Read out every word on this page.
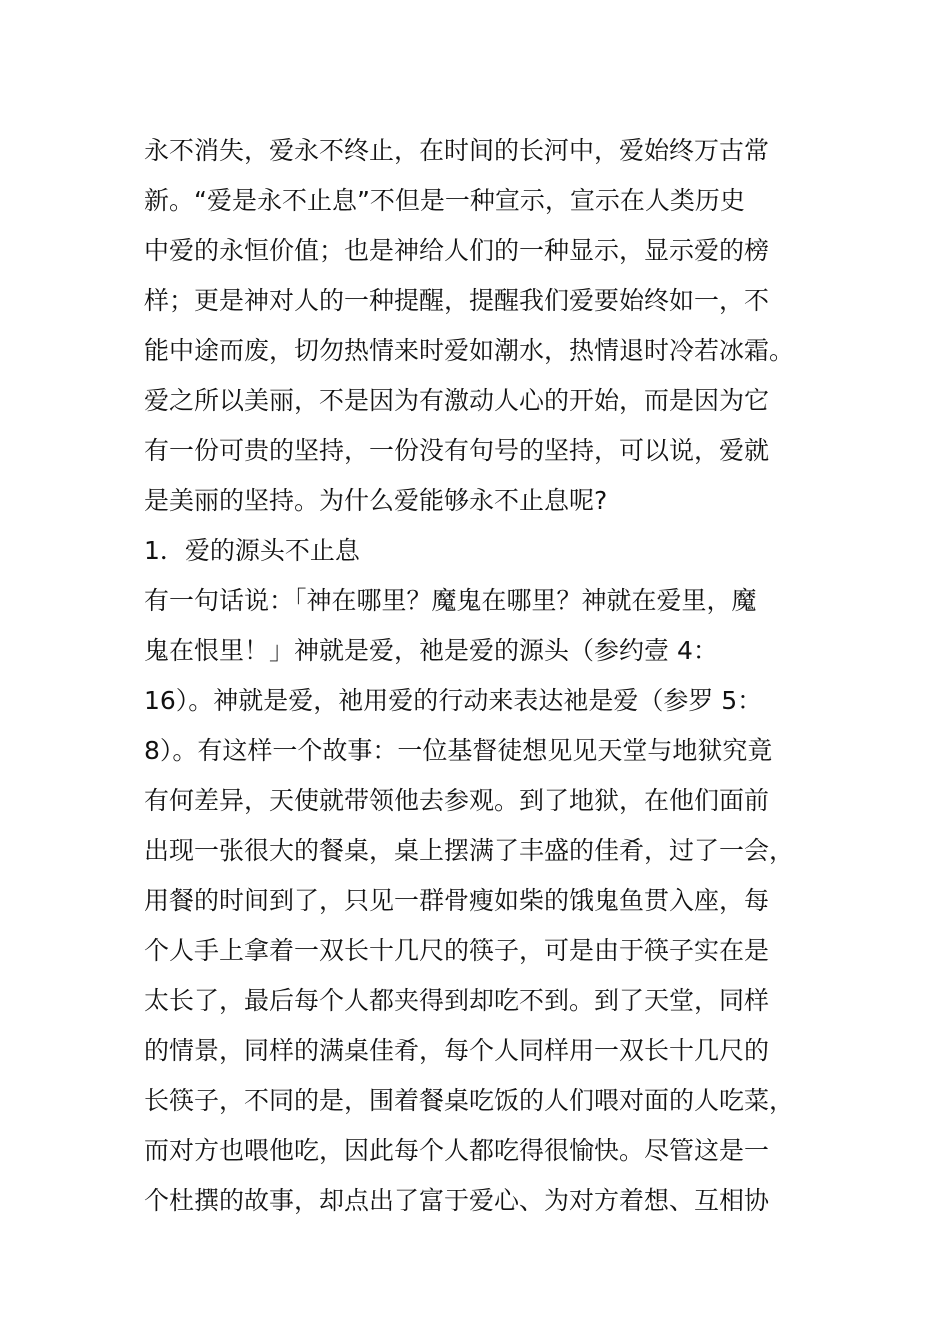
永不消失，爱永不终止，在时间的长河中，爱始终万古常
新。“爱是永不止息”不但是一种宣示，宣示在人类历史
中爱的永恒价值；也是神给人们的一种显示，显示爱的榜
样；更是神对人的一种提醒，提醒我们爱要始终如一，不
能中途而废，切勿热情来时爱如潮水，热情退时冷若冰霜。
爱之所以美丽，不是因为有激动人心的开始，而是因为它
有一份可贵的坚持，一份没有句号的坚持，可以说，爱就
是美丽的坚持。为什么爱能够永不止息呢?
1．爱的源头不止息
有一句话说：「神在哪里？魔鬼在哪里？神就在爱里，魔
鬼在恨里！」神就是爱，祂是爱的源头（参约壹 4：
16）。神就是爱，祂用爱的行动来表达祂是爱（参罗 5：
8）。有这样一个故事：一位基督徒想见见天堂与地狱究竟
有何差异，天使就带领他去参观。到了地狱，在他们面前
出现一张很大的餐桌，桌上摆满了丰盛的佳肴，过了一会，
用餐的时间到了，只见一群骨瘦如柴的饿鬼鱼贯入座，每
个人手上拿着一双长十几尺的筷子，可是由于筷子实在是
太长了，最后每个人都夹得到却吃不到。到了天堂，同样
的情景，同样的满桌佳肴，每个人同样用一双长十几尺的
长筷子，不同的是，围着餐桌吃饭的人们喂对面的人吃菜，
而对方也喂他吃，因此每个人都吃得很愉快。尽管这是一
个杜撰的故事，却点出了富于爱心、为对方着想、互相协
